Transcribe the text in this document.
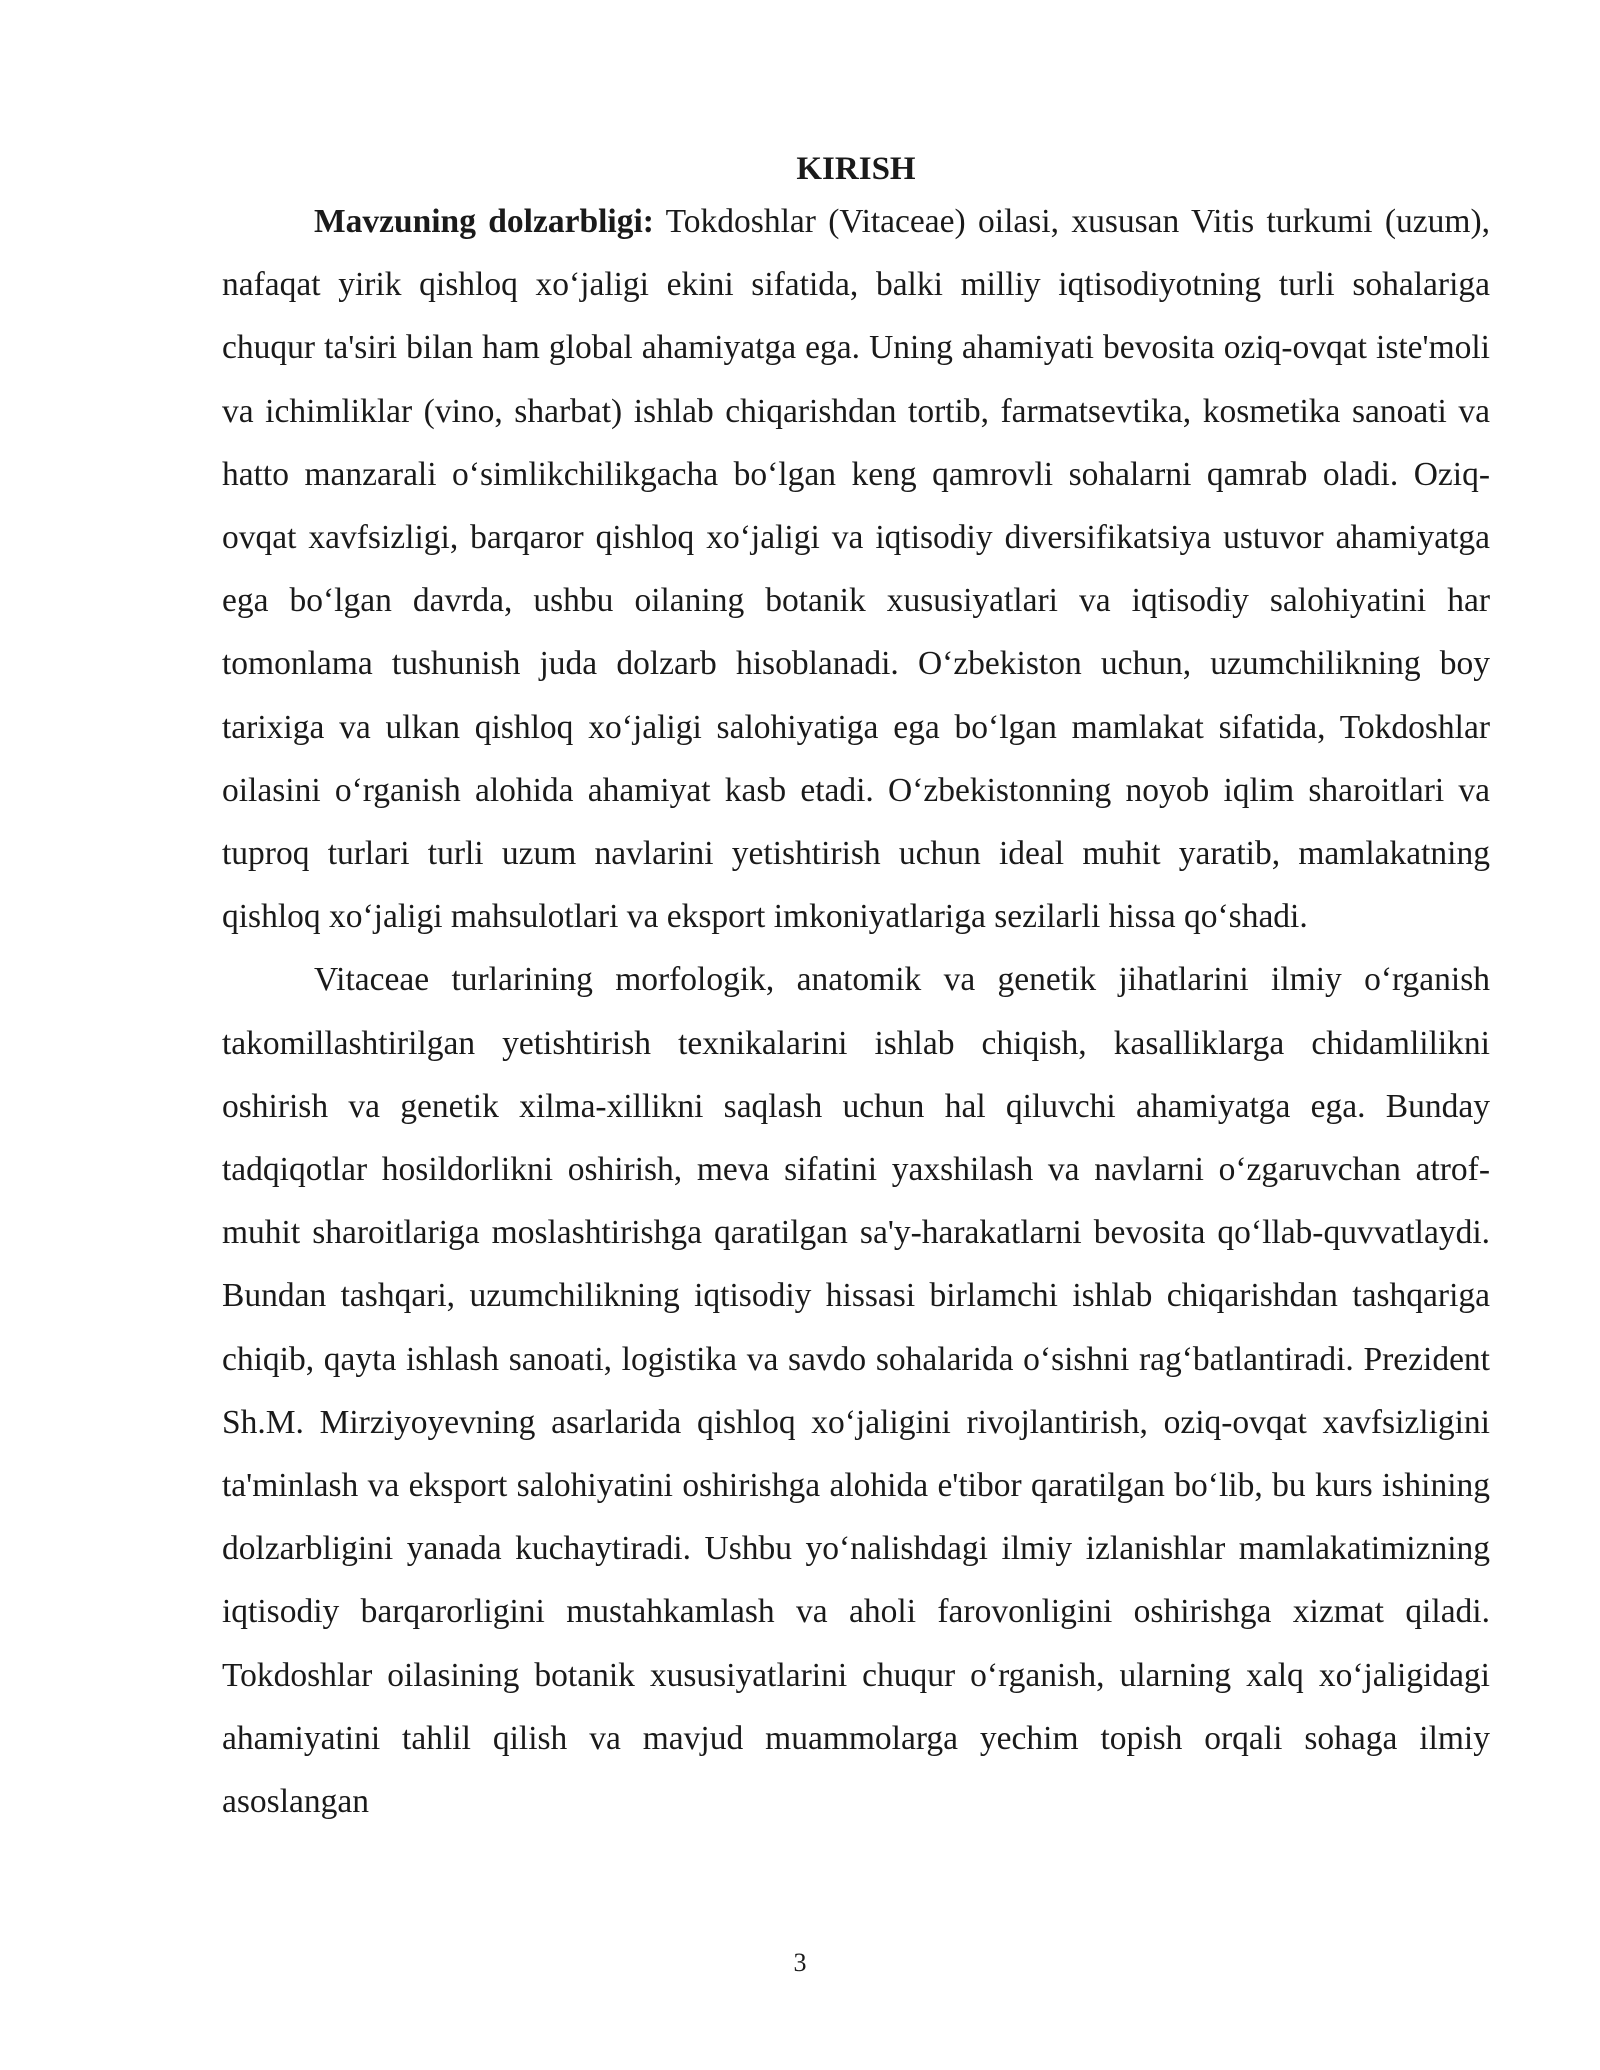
KIRISH

Mavzuning dolzarbligi: Tokdoshlar (Vitaceae) oilasi, xususan Vitis turkumi (uzum), nafaqat yirik qishloq xo‘jaligi ekini sifatida, balki milliy iqtisodiyotning turli sohalariga chuqur ta'siri bilan ham global ahamiyatga ega. Uning ahamiyati bevosita oziq-ovqat iste'moli va ichimliklar (vino, sharbat) ishlab chiqarishdan tortib, farmatsevtika, kosmetika sanoati va hatto manzarali o‘simlikchilikgacha bo‘lgan keng qamrovli sohalarni qamrab oladi. Oziq-ovqat xavfsizligi, barqaror qishloq xo‘jaligi va iqtisodiy diversifikatsiya ustuvor ahamiyatga ega bo‘lgan davrda, ushbu oilaning botanik xususiyatlari va iqtisodiy salohiyatini har tomonlama tushunish juda dolzarb hisoblanadi. O‘zbekiston uchun, uzumchilikning boy tarixiga va ulkan qishloq xo‘jaligi salohiyatiga ega bo‘lgan mamlakat sifatida, Tokdoshlar oilasini o‘rganish alohida ahamiyat kasb etadi. O‘zbekistonning noyob iqlim sharoitlari va tuproq turlari turli uzum navlarini yetishtirish uchun ideal muhit yaratib, mamlakatning qishloq xo‘jaligi mahsulotlari va eksport imkoniyatlariga sezilarli hissa qo‘shadi.

Vitaceae turlarining morfologik, anatomik va genetik jihatlarini ilmiy o‘rganish takomillashtirilgan yetishtirish texnikalarini ishlab chiqish, kasalliklarga chidamlilikni oshirish va genetik xilma-xillikni saqlash uchun hal qiluvchi ahamiyatga ega. Bunday tadqiqotlar hosildorlikni oshirish, meva sifatini yaxshilash va navlarni o‘zgaruvchan atrof-muhit sharoitlariga moslashtirishga qaratilgan sa'y-harakatlarni bevosita qo‘llab-quvvatlaydi. Bundan tashqari, uzumchilikning iqtisodiy hissasi birlamchi ishlab chiqarishdan tashqariga chiqib, qayta ishlash sanoati, logistika va savdo sohalarida o‘sishni rag‘batlantiradi. Prezident Sh.M. Mirziyoyevning asarlarida qishloq xo‘jaligini rivojlantirish, oziq-ovqat xavfsizligini ta'minlash va eksport salohiyatini oshirishga alohida e'tibor qaratilgan bo‘lib, bu kurs ishining dolzarbligini yanada kuchaytiradi. Ushbu yo‘nalishdagi ilmiy izlanishlar mamlakatimizning iqtisodiy barqarorligini mustahkamlash va aholi farovonligini oshirishga xizmat qiladi. Tokdoshlar oilasining botanik xususiyatlarini chuqur o‘rganish, ularning xalq xo‘jaligidagi ahamiyatini tahlil qilish va mavjud muammolarga yechim topish orqali sohaga ilmiy asoslangan

3
